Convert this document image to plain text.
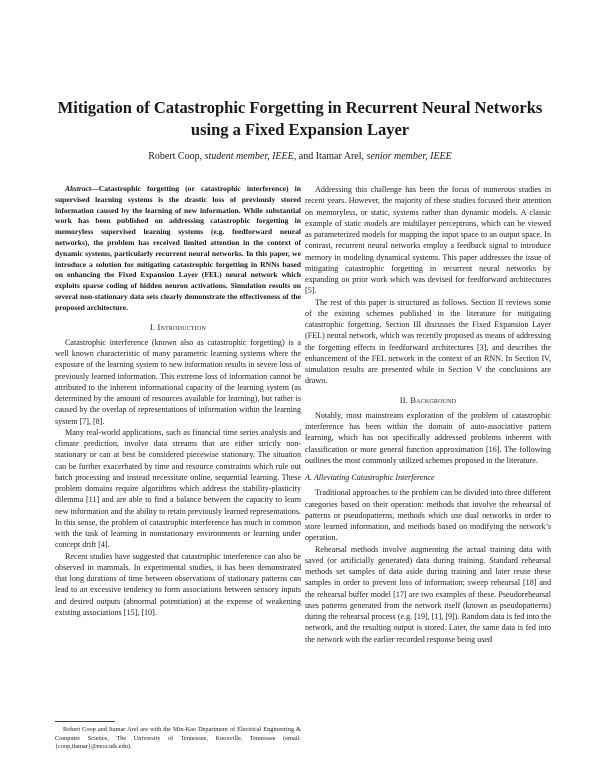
Mitigation of Catastrophic Forgetting in Recurrent Neural Networks using a Fixed Expansion Layer
Robert Coop, student member, IEEE, and Itamar Arel, senior member, IEEE

Abstract—Catastrophic forgetting (or catastrophic interference) in supervised learning systems is the drastic loss of previously stored information caused by the learning of new information. While substantial work has been published on addressing catastrophic forgetting in memoryless supervised learning systems (e.g. feedforward neural networks), the problem has received limited attention in the context of dynamic systems, particularly recurrent neural networks. In this paper, we introduce a solution for mitigating catastrophic forgetting in RNNs based on enhancing the Fixed Expansion Layer (FEL) neural network which exploits sparse coding of hidden neuron activations. Simulation results on several non-stationary data sets clearly demonstrate the effectiveness of the proposed architecture.

I. Introduction

Catastrophic interference (known also as catastrophic forgetting) is a well known characteristic of many parametric learning systems where the exposure of the learning system to new information results in severe loss of previously learned information. This extreme loss of information cannot be attributed to the inherent informational capacity of the learning system (as determined by the amount of resources available for learning), but rather is caused by the overlap of representations of information within the learning system [7], [8].

Many real-world applications, such as financial time series analysis and climate prediction, involve data streams that are either strictly non-stationary or can at best be considered piecewise stationary. The situation can be further exacerbated by time and resource constraints which rule out batch processing and instead necessitate online, sequential learning. These problem domains require algorithms which address the stability-plasticity dilemma [11] and are able to find a balance between the capacity to learn new information and the ability to retain previously learned representations. In this sense, the problem of catastrophic interference has much in common with the task of learning in nonstationary environments or learning under concept drift [4].

Recent studies have suggested that catastrophic interference can also be observed in mammals. In experimental studies, it has been demonstrated that long durations of time between observations of stationary patterns can lead to an excessive tendency to form associations between sensory inputs and desired outputs (abnormal potentiation) at the expense of weakening existing associations [15], [10].

Robert Coop and Itamar Arel are with the Min-Kao Department of Electrical Engineering & Computer Science, The University of Tennessee, Knoxville, Tennessee (email: {coop,itamar}@eecs.utk.edu).

Addressing this challenge has been the focus of numerous studies in recent years. However, the majority of these studies focused their attention on memoryless, or static, systems rather than dynamic models. A classic example of static models are multilayer perceptrons, which can be viewed as parameterized models for mapping the input space to an output space. In contrast, recurrent neural networks employ a feedback signal to introduce memory in modeling dynamical systems. This paper addresses the issue of mitigating catastrophic forgetting in recurrent neural networks by expanding on prior work which was devised for feedforward architectures [5].

The rest of this paper is structured as follows. Section II reviews some of the existing schemes published in the literature for mitigating catastrophic forgetting. Section III discusses the Fixed Expansion Layer (FEL) neural network, which was recently proposed as means of addressing the forgetting effects in feedforward architectures [3], and describes the enhancement of the FEL network in the context of an RNN. In Section IV, simulation results are presented while in Section V the conclusions are drawn.

II. Background

Notably, most mainstream exploration of the problem of catastrophic interference has been within the domain of auto-associative pattern learning, which has not specifically addressed problems inherent with classification or more general function approximation [16]. The following outlines the most commonly utilized schemes proposed in the literature.

A. Alleviating Catastrophic Interference

Traditional approaches to the problem can be divided into three different categories based on their operation: methods that involve the rehearsal of patterns or pseudopatterns, methods which use dual networks in order to store learned information, and methods based on modifying the network’s operation.

Rehearsal methods involve augmenting the actual training data with saved (or artificially generated) data during training. Standard rehearsal methods set samples of data aside during training and later reuse these samples in order to prevent loss of information; sweep rehearsal [18] and the rehearsal buffer model [17] are two examples of these. Pseudorehearsal uses patterns generated from the network itself (known as pseudopatterns) during the rehearsal process (e.g. [19], [1], [9]). Random data is fed into the network, and the resulting output is stored. Later, the same data is fed into the network with the earlier recorded response being used
